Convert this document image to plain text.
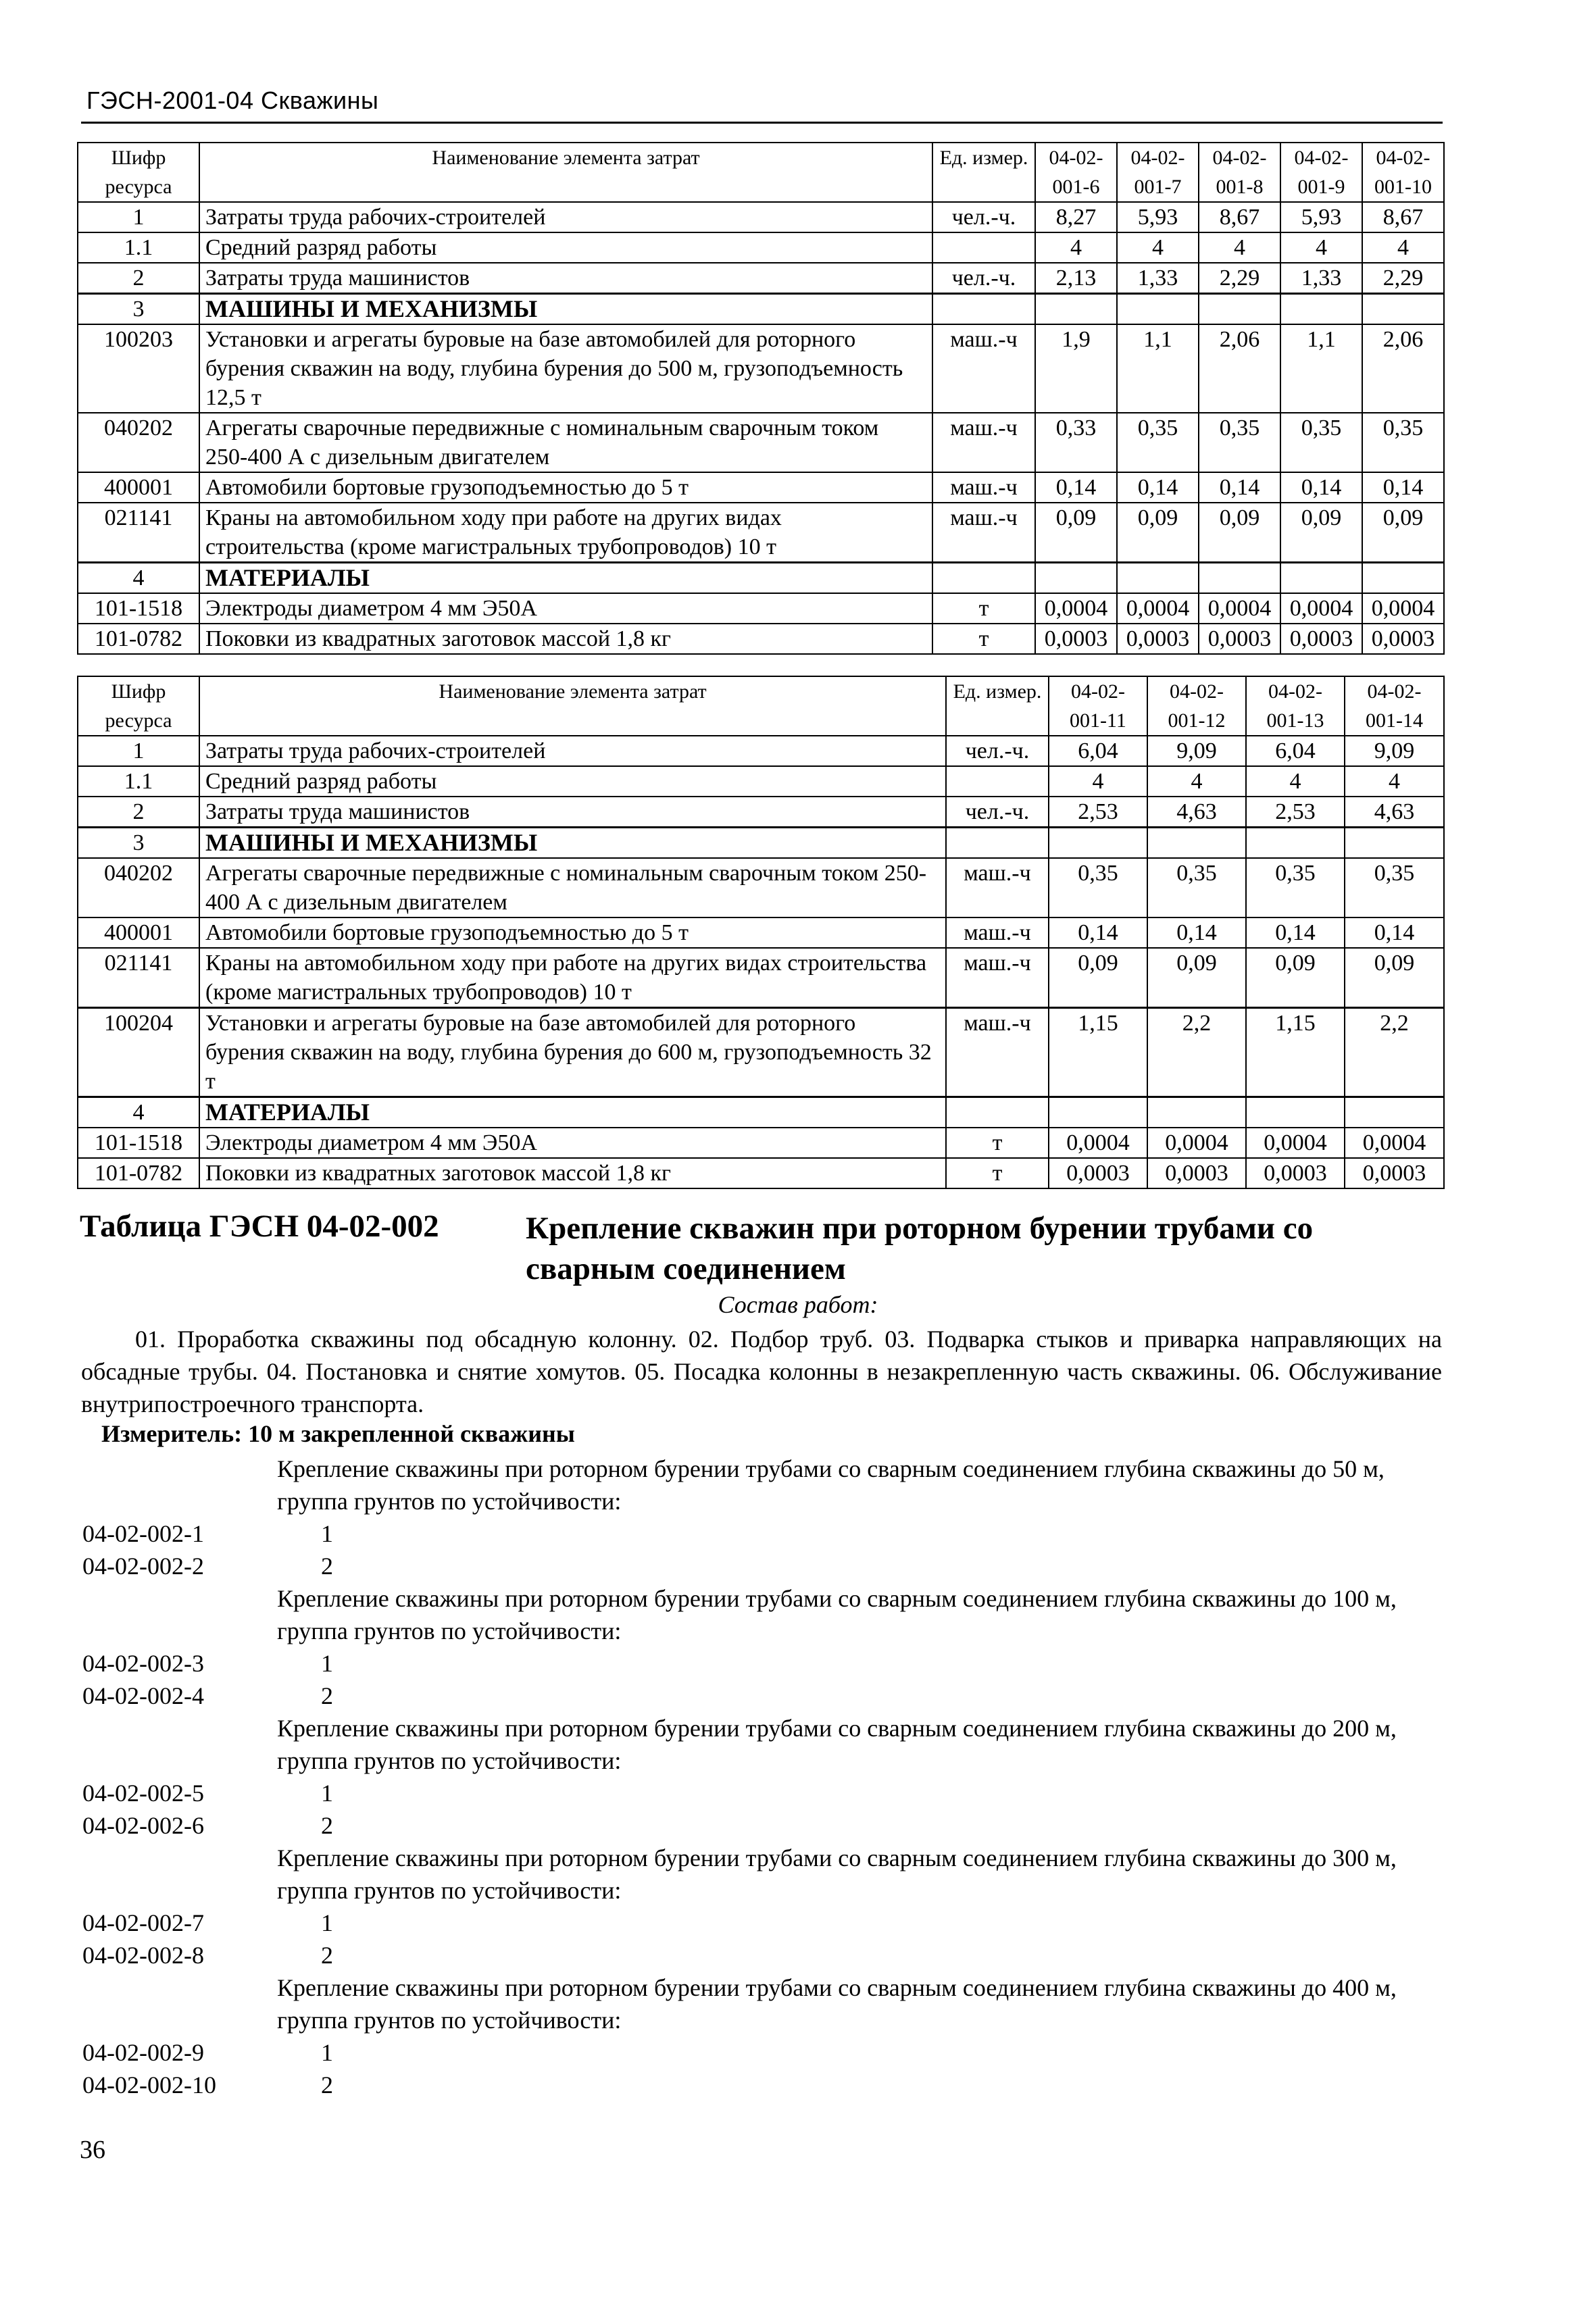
ГЭСН-2001-04 Скважины
Шифр ресурса	Наименование элемента затрат	Ед. измер.	04-02-001-6	04-02-001-7	04-02-001-8	04-02-001-9	04-02-001-10
1	Затраты труда рабочих-строителей	чел.-ч.	8,27	5,93	8,67	5,93	8,67
1.1	Средний разряд работы		4	4	4	4	4
2	Затраты труда машинистов	чел.-ч.	2,13	1,33	2,29	1,33	2,29
3	МАШИНЫ И МЕХАНИЗМЫ						
100203	Установки и агрегаты буровые на базе автомобилей для роторного бурения скважин на воду, глубина бурения до 500 м, грузоподъемность 12,5 т	маш.-ч	1,9	1,1	2,06	1,1	2,06
040202	Агрегаты сварочные передвижные с номинальным сварочным током 250-400 А с дизельным двигателем	маш.-ч	0,33	0,35	0,35	0,35	0,35
400001	Автомобили бортовые грузоподъемностью до 5 т	маш.-ч	0,14	0,14	0,14	0,14	0,14
021141	Краны на автомобильном ходу при работе на других видах строительства (кроме магистральных трубопроводов) 10 т	маш.-ч	0,09	0,09	0,09	0,09	0,09
4	МАТЕРИАЛЫ						
101-1518	Электроды диаметром 4 мм Э50А	т	0,0004	0,0004	0,0004	0,0004	0,0004
101-0782	Поковки из квадратных заготовок массой 1,8 кг	т	0,0003	0,0003	0,0003	0,0003	0,0003
Шифр ресурса	Наименование элемента затрат	Ед. измер.	04-02-001-11	04-02-001-12	04-02-001-13	04-02-001-14
1	Затраты труда рабочих-строителей	чел.-ч.	6,04	9,09	6,04	9,09
1.1	Средний разряд работы		4	4	4	4
2	Затраты труда машинистов	чел.-ч.	2,53	4,63	2,53	4,63
3	МАШИНЫ И МЕХАНИЗМЫ					
040202	Агрегаты сварочные передвижные с номинальным сварочным током 250-400 А с дизельным двигателем	маш.-ч	0,35	0,35	0,35	0,35
400001	Автомобили бортовые грузоподъемностью до 5 т	маш.-ч	0,14	0,14	0,14	0,14
021141	Краны на автомобильном ходу при работе на других видах строительства (кроме магистральных трубопроводов) 10 т	маш.-ч	0,09	0,09	0,09	0,09
100204	Установки и агрегаты буровые на базе автомобилей для роторного бурения скважин на воду, глубина бурения до 600 м, грузоподъемность 32 т	маш.-ч	1,15	2,2	1,15	2,2
4	МАТЕРИАЛЫ					
101-1518	Электроды диаметром 4 мм Э50А	т	0,0004	0,0004	0,0004	0,0004
101-0782	Поковки из квадратных заготовок массой 1,8 кг	т	0,0003	0,0003	0,0003	0,0003
Таблица ГЭСН 04-02-002	Крепление скважин при роторном бурении трубами со сварным соединением
Состав работ:
01. Проработка скважины под обсадную колонну. 02. Подбор труб. 03. Подварка стыков и приварка направляющих на обсадные трубы. 04. Постановка и снятие хомутов. 05. Посадка колонны в незакрепленную часть скважины. 06. Обслуживание внутрипостроечного транспорта.
Измеритель: 10 м закрепленной скважины
Крепление скважины при роторном бурении трубами со сварным соединением глубина скважины до 50 м, группа грунтов по устойчивости:
04-02-002-1	1
04-02-002-2	2
Крепление скважины при роторном бурении трубами со сварным соединением глубина скважины до 100 м, группа грунтов по устойчивости:
04-02-002-3	1
04-02-002-4	2
Крепление скважины при роторном бурении трубами со сварным соединением глубина скважины до 200 м, группа грунтов по устойчивости:
04-02-002-5	1
04-02-002-6	2
Крепление скважины при роторном бурении трубами со сварным соединением глубина скважины до 300 м, группа грунтов по устойчивости:
04-02-002-7	1
04-02-002-8	2
Крепление скважины при роторном бурении трубами со сварным соединением глубина скважины до 400 м, группа грунтов по устойчивости:
04-02-002-9	1
04-02-002-10	2
36
